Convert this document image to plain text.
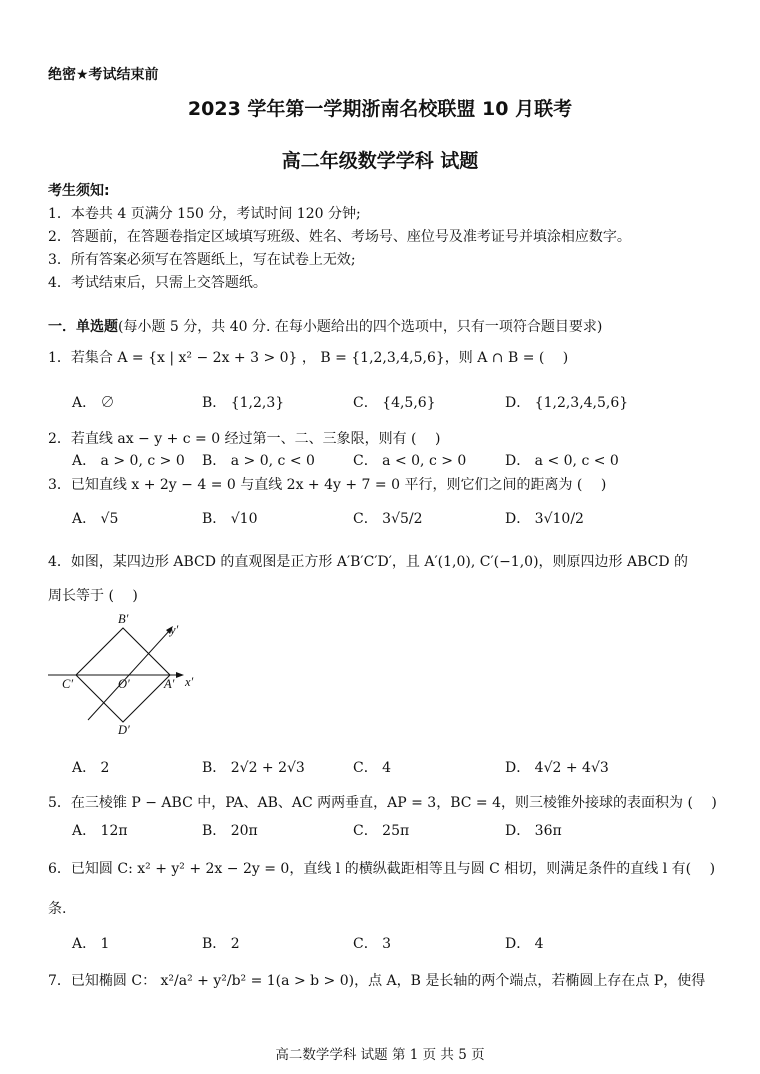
绝密★考试结束前
2023 学年第一学期浙南名校联盟 10 月联考
高二年级数学学科 试题
考生须知:
1．本卷共 4 页满分 150 分，考试时间 120 分钟;
2．答题前，在答题卷指定区域填写班级、姓名、考场号、座位号及准考证号并填涂相应数字。
3．所有答案必须写在答题纸上，写在试卷上无效;
4．考试结束后，只需上交答题纸。
一．单选题(每小题 5 分，共 40 分. 在每小题给出的四个选项中，只有一项符合题目要求)
1．若集合 A = {x | x² − 2x + 3 > 0} ， B = {1,2,3,4,5,6}，则 A ∩ B = (　 )
A． ∅	B． {1,2,3}	C． {4,5,6}	D． {1,2,3,4,5,6}
2．若直线 ax − y + c = 0 经过第一、二、三象限，则有 (　 )
A． a > 0, c > 0 B． a > 0, c < 0	C． a < 0, c > 0	D． a < 0, c < 0
3．已知直线 x + 2y − 4 = 0 与直线 2x + 4y + 7 = 0 平行，则它们之间的距离为 (　 )
A． √5	B． √10	C． 3√5/2	D． 3√10/2
4．如图，某四边形 ABCD 的直观图是正方形 A′B′C′D′，且 A′(1,0), C′(−1,0)，则原四边形 ABCD 的
周长等于 (　 )
B′
y′
C′	O′	A′ x′
D′
A． 2	B． 2√2 + 2√3	C． 4	D． 4√2 + 4√3
5．在三棱锥 P − ABC 中，PA、AB、AC 两两垂直，AP = 3，BC = 4，则三棱锥外接球的表面积为 (　 )
A． 12π	B． 20π	C． 25π	D． 36π
6．已知圆 C: x² + y² + 2x − 2y = 0，直线 l 的横纵截距相等且与圆 C 相切，则满足条件的直线 l 有(　 )
条.
A． 1	B． 2	C． 3	D． 4
7．已知椭圆 C： x²/a² + y²/b² = 1(a > b > 0)，点 A，B 是长轴的两个端点，若椭圆上存在点 P，使得
高二数学学科 试题 第 1 页 共 5 页
